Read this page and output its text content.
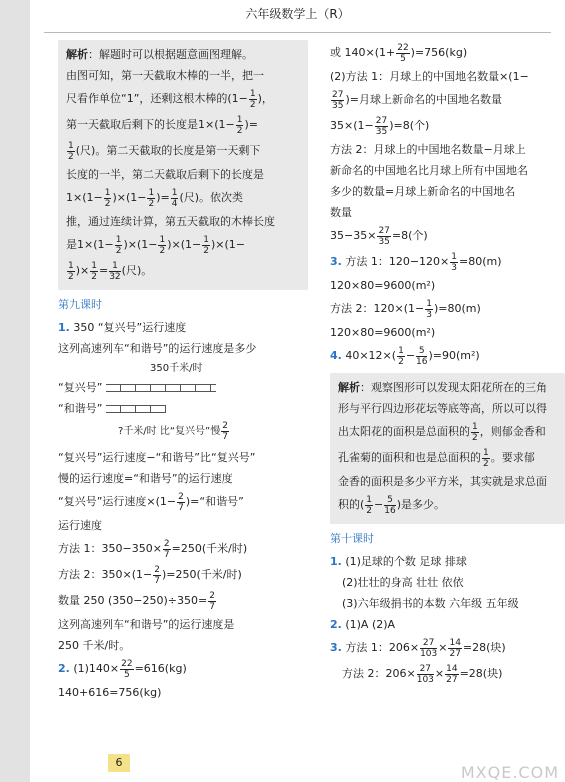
六年级数学上（R）

解析：解题时可以根据题意画图理解。

由图可知，第一天截取木棒的一半，把一

尺看作单位“1”，还剩这根木棒的($1- \frac{1}{2}$ )，

第一天截取后剩下的长度是$1\times(1- \frac{1}{2}$ )=

$\frac{1}{2}$ (尺)。第二天截取的长度是第一天剩下

长度的一半，第二天截取后剩下的长度是

$1\times(1- \frac{1}{2} )\times(1- \frac{1}{2}$ )= $\frac{1}{4}$ (尺)。依次类

推，通过连续计算，第五天截取的木棒长度

是$1\times(1- \frac{1}{2} )\times(1- \frac{1}{2} )\times(1- \frac{1}{2} )\times(1-$

$\frac{1}{2}$ )× $\frac{1}{2} = \frac{1}{32}$ (尺)。

第九课时

1. 350 “复兴号”运行速度

这列高速列车“和谐号”的运行速度是多少

350千米/时
“复兴号”
“和谐号”
?千米/时 比“复兴号”慢 $\frac{2}{7}$

“复兴号”运行速度−“和谐号”比“复兴号”

慢的运行速度=“和谐号”的运行速度

“复兴号”运行速度$\times(1- \frac{2}{7}$ )=“和谐号”

运行速度

方法 1：$350-350\times \frac{2}{7} =250$(千米/时)

方法 2：$350\times(1- \frac{2}{7} )=250$(千米/时)

数量 250 $(350-250)\div 350= \frac{2}{7}$

这列高速列车“和谐号”的运行速度是

250 千米/时。

2. $(1)140\times \frac{22}{5} =616(kg)$

140+616=756(kg)

或 $140\times(1+ \frac{22}{5} )=756(kg)$

(2)方法 1：月球上的中国地名数量×(1−

$\frac{27}{35}$ )=月球上新命名的中国地名数量

$35\times(1- \frac{27}{35} )=8$(个)

方法 2：月球上的中国地名数量−月球上

新命名的中国地名比月球上所有中国地名

多少的数量=月球上新命名的中国地名

数量

$35-35\times \frac{27}{35} =8$(个)

3. 方法 1：$120-120\times \frac{1}{3} =80(m)$

120×80=9600(m²)

方法 2：$120\times(1- \frac{1}{3} )=80(m)$

120×80=9600(m²)

4. $40\times 12\times( \frac{1}{2} - \frac{5}{16} )=90(m^2)$

解析：观察图形可以发现太阳花所在的三角

形与平行四边形花坛等底等高，所以可以得

出太阳花的面积是总面积的 $\frac{1}{2}$ ，则郁金香和

孔雀菊的面积和也是总面积的 $\frac{1}{2}$ 。要求郁

金香的面积是多少平方米，其实就是求总面

积的( $\frac{1}{2} - \frac{5}{16}$ )是多少。

第十课时

1. (1)足球的个数 足球 排球

(2)壮壮的身高 壮壮 依依

(3)六年级捐书的本数 六年级 五年级

2. (1)A (2)A

3. 方法 1：$206\times \frac{27}{103} \times \frac{14}{27} =28$(块)

方法 2：$206\times \frac{27}{103} \times \frac{14}{27} =28$(块)

6
MXQE.COM
